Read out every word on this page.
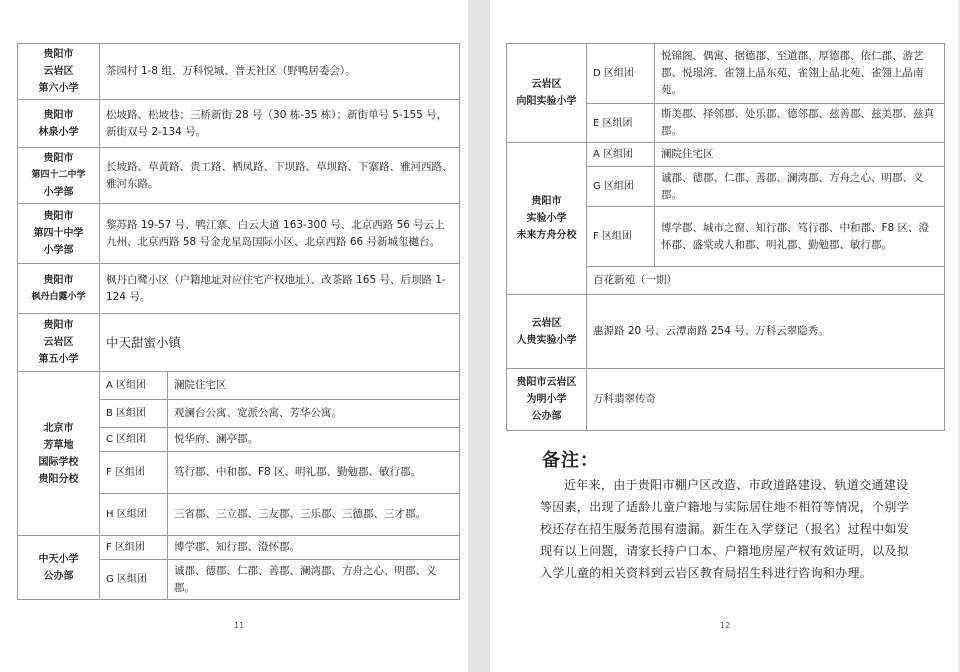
贵阳市
云岩区
第六小学	茶园村 1-8 组、万科悦城、普天社区（野鸭居委会）。	

贵阳市
林泉小学	松坡路、松坡巷；三桥新街 28 号（30 栋-35 栋）；新街单号 5-155 号，新街双号 2-134 号。	

贵阳市
第四十二中学
小学部	长坡路、草黄路、贵工路、栖凤路、下坝路、草坝路、下寨路、雅河西路、雅河东路。	

贵阳市
第四十中学
小学部	黎苏路 19-57 号、鸭江寨、白云大道 163-300 号、北京西路 56 号云上九州、北京西路 58 号金龙星岛国际小区、北京西路 66 号新城玺樾台。	

贵阳市
枫丹白露小学	枫丹白鹭小区（户籍地址对应住宅产权地址）、改茶路 165 号、后坝路 1-124 号。	

贵阳市
云岩区
第五小学	中天甜蜜小镇	

北京市
芳草地
国际学校
贵阳分校	A 区组团	澜院住宅区
	B 区组团	观澜台公寓、宽派公寓、芳华公寓。
	C 区组团	悦华府、澜亭郡。
	F 区组团	笃行郡、中和郡、F8 区、明礼郡、勤勉郡、敏行郡。
	H 区组团	三省郡、三立郡、三友郡、三乐郡、三德郡、三才郡。

中天小学
公办部	F 区组团	博学郡、知行郡、澄怀郡。
	G 区组团	诚郡、德郡、仁郡、善郡、澜湾郡、方舟之心、明郡、义郡。
11
云岩区
向阳实验小学	D 区组团	悦锦阁、偶寓、据德郡、至道郡、厚德郡、依仁郡、游艺郡、悦璟湾、雀翎上晶东苑、雀翎上晶北苑、雀翎上晶南苑。
	E 区组团	斯美郡、择邻郡、处乐郡、德邻郡、兹善郡、兹美郡、兹真郡。

贵阳市
实验小学
未来方舟分校	A 区组团	澜院住宅区
	G 区组团	诚郡、德郡、仁郡、善郡、澜湾郡、方舟之心、明郡、义郡。
	F 区组团	博学郡、城市之窗、知行郡、笃行郡、中和郡、F8 区、澄怀郡、盛棠或人和郡、明礼郡、勤勉郡、敏行郡。
	百花新苑（一期）	

云岩区
人贵实验小学	惠源路 20 号、云潭南路 254 号、万科云翠隐秀。	

贵阳市云岩区
为明小学
公办部	万科翡翠传奇	
备注：

近年来，由于贵阳市棚户区改造、市政道路建设、轨道交通建设等因素，出现了适龄儿童户籍地与实际居住地不相符等情况，个别学校还存在招生服务范围有遗漏。新生在入学登记（报名）过程中如发现有以上问题，请家长持户口本、户籍地房屋产权有效证明，以及拟入学儿童的相关资料到云岩区教育局招生科进行咨询和办理。

12
